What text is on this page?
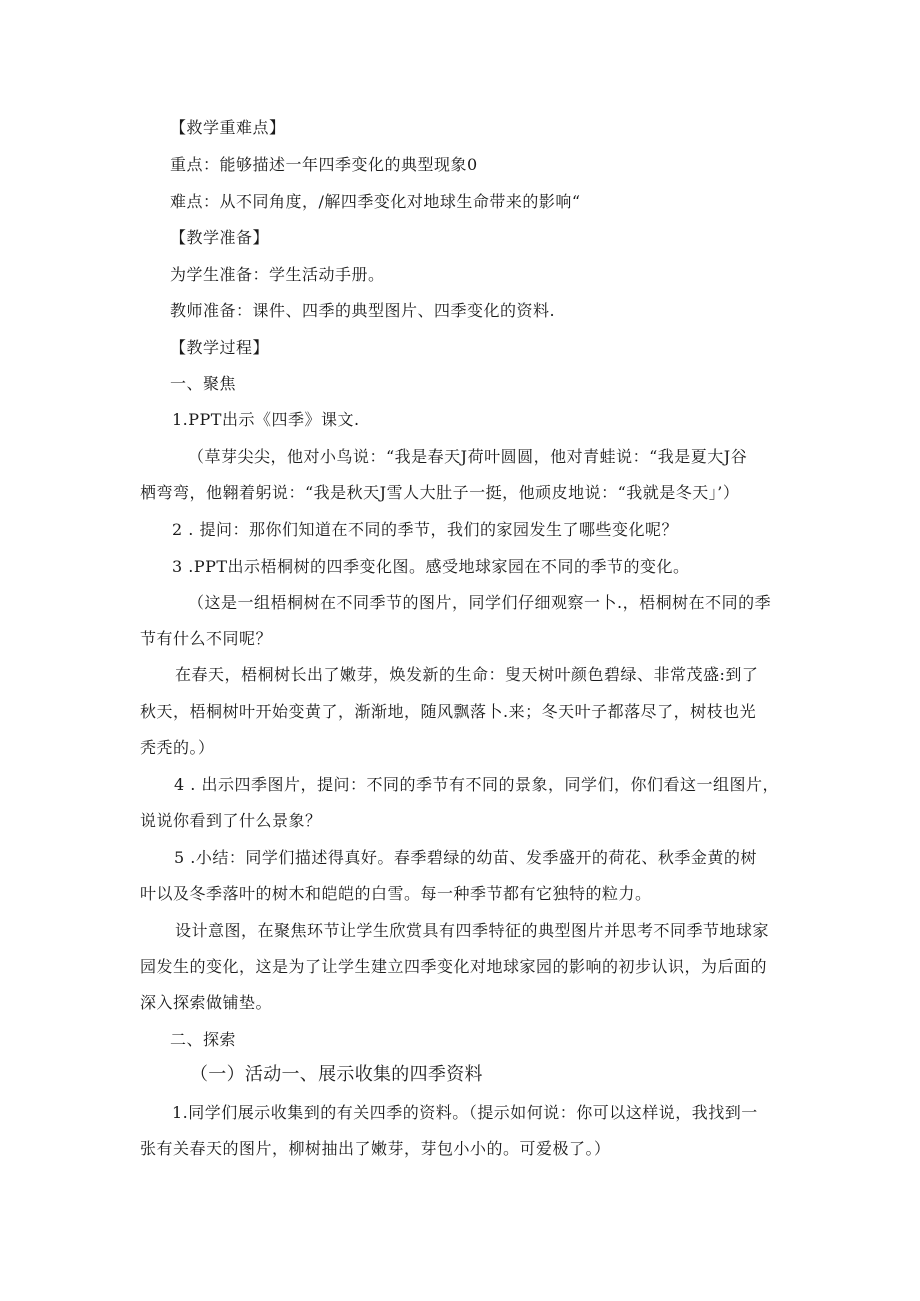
【救学重难点】
重点：能够描述一年四季变化的典型现象0
难点：从不同角度，/解四季变化对地球生命带来的影响“
【教学准备】
为学生准备：学生活动手册。
教师准备：课件、四季的典型图片、四季变化的资料.
【教学过程】
一、聚焦
1.PPT出示《四季》课文.
（草芽尖尖，他对小鸟说：“我是春天J荷叶圆圆，他对青蛙说：“我是夏大J谷
栖弯弯，他翱着躬说：“我是秋天J雪人大肚子一挺，他顽皮地说：“我就是冬天」’）
2 . 提问：那你们知道在不同的季节，我们的家园发生了哪些变化呢？
3 .PPT出示梧桐树的四季变化图。感受地球家园在不同的季节的变化。
（这是一组梧桐树在不同季节的图片，同学们仔细观察一卜.，梧桐树在不同的季
节有什么不同呢？
在春天，梧桐树长出了嫩芽，焕发新的生命：叟天树叶颜色碧绿、非常茂盛:到了
秋天，梧桐树叶开始变黄了，渐渐地，随风飘落卜.来；冬天叶子都落尽了，树枝也光
秃秃的。）
4 . 出示四季图片，提问：不同的季节有不同的景象，同学们，你们看这一组图片，
说说你看到了什么景象？
5 .小结：同学们描述得真好。春季碧绿的幼苗、发季盛开的荷花、秋季金黄的树
叶以及冬季落叶的树木和皑皑的白雪。每一种季节都有它独特的粒力。
设计意图，在聚焦环节让学生欣赏具有四季特征的典型图片并思考不同季节地球家
园发生的变化，这是为了让学生建立四季变化对地球家园的影响的初步认识，为后面的
深入探索做铺垫。
二、探索
（一）活动一、展示收集的四季资料
1.同学们展示收集到的有关四季的资料。（提示如何说：你可以这样说，我找到一
张有关春天的图片，柳树抽出了嫩芽，芽包小小的。可爱极了。）
